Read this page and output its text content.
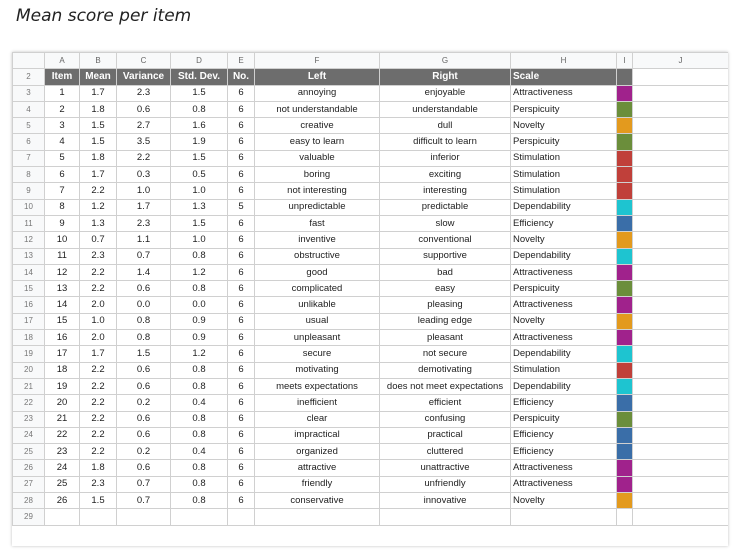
Mean score per item
	A	B	C	D	E	F	G	H	I	J
2	Item	Mean	Variance	Std. Dev.	No.	Left	Right	Scale		
3	1	1.7	2.3	1.5	6	annoying	enjoyable	Attractiveness		
4	2	1.8	0.6	0.8	6	not understandable	understandable	Perspicuity		
5	3	1.5	2.7	1.6	6	creative	dull	Novelty		
6	4	1.5	3.5	1.9	6	easy to learn	difficult to learn	Perspicuity		
7	5	1.8	2.2	1.5	6	valuable	inferior	Stimulation		
8	6	1.7	0.3	0.5	6	boring	exciting	Stimulation		
9	7	2.2	1.0	1.0	6	not interesting	interesting	Stimulation		
10	8	1.2	1.7	1.3	5	unpredictable	predictable	Dependability		
11	9	1.3	2.3	1.5	6	fast	slow	Efficiency		
12	10	0.7	1.1	1.0	6	inventive	conventional	Novelty		
13	11	2.3	0.7	0.8	6	obstructive	supportive	Dependability		
14	12	2.2	1.4	1.2	6	good	bad	Attractiveness		
15	13	2.2	0.6	0.8	6	complicated	easy	Perspicuity		
16	14	2.0	0.0	0.0	6	unlikable	pleasing	Attractiveness		
17	15	1.0	0.8	0.9	6	usual	leading edge	Novelty		
18	16	2.0	0.8	0.9	6	unpleasant	pleasant	Attractiveness		
19	17	1.7	1.5	1.2	6	secure	not secure	Dependability		
20	18	2.2	0.6	0.8	6	motivating	demotivating	Stimulation		
21	19	2.2	0.6	0.8	6	meets expectations	does not meet expectations	Dependability		
22	20	2.2	0.2	0.4	6	inefficient	efficient	Efficiency		
23	21	2.2	0.6	0.8	6	clear	confusing	Perspicuity		
24	22	2.2	0.6	0.8	6	impractical	practical	Efficiency		
25	23	2.2	0.2	0.4	6	organized	cluttered	Efficiency		
26	24	1.8	0.6	0.8	6	attractive	unattractive	Attractiveness		
27	25	2.3	0.7	0.8	6	friendly	unfriendly	Attractiveness		
28	26	1.5	0.7	0.8	6	conservative	innovative	Novelty		
29										
